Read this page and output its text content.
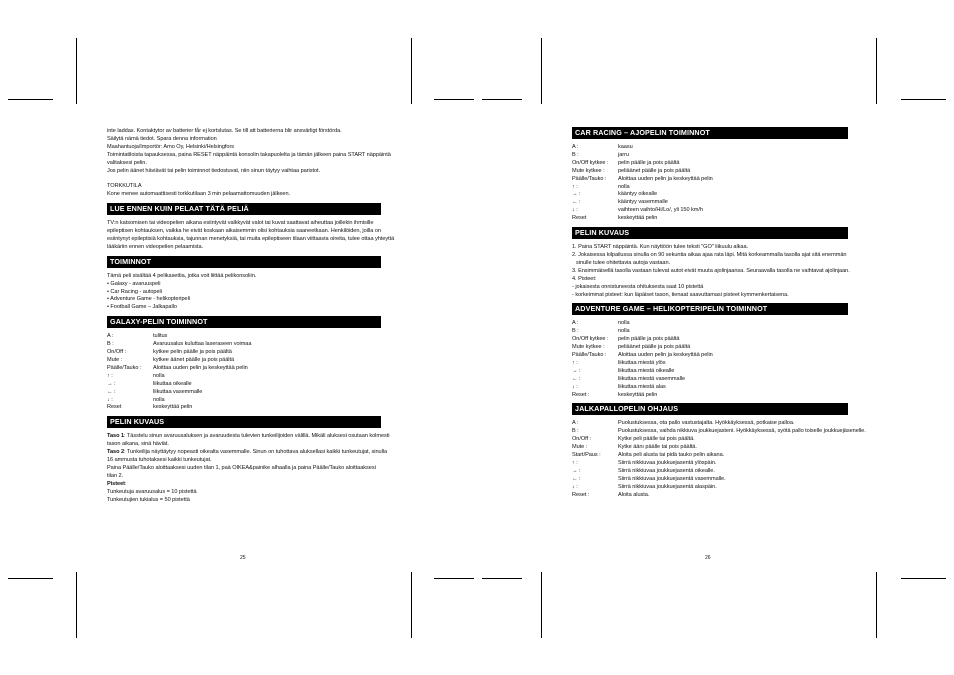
inte laddas. Kontaktytor av batterier får ej kortslutas. Se till att batterierna blir ansvärligt förstörda.

Säilytä nämä tiedot. Spara denna information

Maahantuoja/Importör: Amo Oy, Helsinki/Helsingfors

Toimintatiloista tapauksessa, paina RESET näppäintä konsolin takapuolelta ja tämän jälkeen paina START näppäintä

valitaksesi pelin.

Jos pelin äänet häviävät tai pelin toiminnot tiedostuvat, niin sinun täytyy vaihtaa paristot.

TORKKUTILA

Kone menee automaattisesti torkkutilaan 3 min pelaamattomuuden jälkeen.

LUE ENNEN KUIN PELAAT TÄTÄ PELIÄ

TV:n katsomisen tai videopelien aikana esiintyvät valkkyvät valot tai kuvat saattavat aiheuttaa joillekin ihmisille

epileptisen kohtauksen, vaikka he eivät koskaan aikaisemmin olisi kohtauksia saaneetkaan. Henkilöiden, joilla on

esiintynyt epileptisiä kohtauksia, tajunnan menetyksiä, tai muita epileptiseen tilaan viittaavia oireita, tulee ottaa yhteyttä

lääkäriin ennen videopelien pelaamista.

TOIMINNOT

Tämä peli sisältää 4 pelikasettia, jotka voit liittää pelikonsoliin.

• Galaxy - avaruuspeli

• Car Racing - autopeli

• Adventure Game - helikopteripeli

• Football Game – Jalkapallo

GALAXY-PELIN TOIMINNOT
A :	tulitus
B :	Avaruusalus kuluttaa laseraseen voimaa
On/Off :	kytkee pelin päälle ja pois päältä
Mute :	kytkee äänet päälle ja pois päältä
Päälle/Tauko :	Aloittaa uuden pelin ja keskeyttää pelin
↑ :	nolla
→ :	liikuttaa oikealle
← :	liikuttaa vasemmalle
↓ :	nolla
Reset	keskeyttää pelin
PELIN KUVAUS

Taso 1: Tässtelu sinun avaruusaluksen ja avaruudesta tulevien tunkeilijoiden välillä. Mikäli aluksesi osutaan kolmesti

tason aikana, sinä häviät.

Taso 2: Tunkeilija näyttäytyy nopeasti oikealta vasemmalle. Sinun on tuhottava aluksellasi kaikki tunkeutujat, sinulla

16 ammusta tuhotaksesi kaikki tunkeutujat.

Paina Päälle/Tauko aloittaaksesi uuden tilan 1, paä OIKEA&painike alhaalla ja paina Päälle/Tauko aloittaaksesi

tilan 2.

Pisteet:

Tunkeutuja avaruusalus = 10 pistettä

Tunkeutujien tukialus = 50 pistettä

25
CAR RACING – AJOPELIN TOIMINNOT
A :	kaasu
B :	jarru
On/Off kytkee :	pelin päälle ja pois päältä
Mute kytkee :	peliäänet päälle ja pois päältä
Päälle/Tauko :	Aloittaa uuden pelin ja keskeyttää pelin
↑ :	nolla
→ :	kääntyy oikealle
← :	kääntyy vasemmalle
↓ :	vaihteen vaihto/Hi/Lo/, yli 150 km/h
Reset	keskeyttää pelin
PELIN KUVAUS

1. Paina START näppäintä. Kun näyttöön tulee teksti "GO" liikuulu alkaa.

2. Jokaisessa kilpailussa sinulla on 90 sekuntia aikaa ajaa rata läpi. Mitä korkeammalla tasolla ajat sitä enemmän

sinulle tulee ohitettavia autoja vastaan.

3. Ensimmäisellä tasolla vastaan tulevat autot eivät muuta ajolinjaansa. Seuraavalla tasolla ne vaihtavat ajolinjaan.

4. Pisteet:

- jokaisesta onnistuneesta ohituksesta saat 10 pistettä

- korkeimmat pisteet: kun läpäiset tason, tienaat saavuttamasi pisteet kymmenkertaisena.

ADVENTURE GAME – HELIKOPTERIPELIN TOIMINNOT
A :	nolla
B :	nolla
On/Off kytkee :	pelin päälle ja pois päältä
Mute kytkee :	peliäänet päälle ja pois päältä
Päälle/Tauko :	Aloittaa uuden pelin ja keskeyttää pelin
↑ :	liikuttaa miestä ylös
→ :	liikuttaa miestä oikealle
← :	liikuttaa miestä vasemmalle
↓ :	liikuttaa miestä alas
Reset :	keskeyttää pelin
JALKAPALLOPELIN OHJAUS
A :	Puolustuksessa, ota pallo vastustajalta. Hyökkäyksessä, potkaise palloa.
B :	Puolustuksessa, vaihda nikkiuva joukkuejasteni. Hyökkäyksessä, syötä pallo toiselle joukkuejäsenelle.
On/Off :	Kytke peli päälle tai pois päältä.
Mute :	Kytke äänı päälle tai pois päältä.
Start/Paus :	Aloita peli alusta tai pidä tauko pelin aikana.
↑ :	Siirrä nikkiuvaa joukkuejasentä ylöspäin.
→ :	Siirrä nikkiuvaa joukkuejasentä oikealle.
← :	Siirrä nikkiuvaa joukkuejasentä vasemmalle.
↓ :	Siirrä nikkiuvaa joukkuejasentä alaspäin.
Reset :	Aloita alusta.
26
